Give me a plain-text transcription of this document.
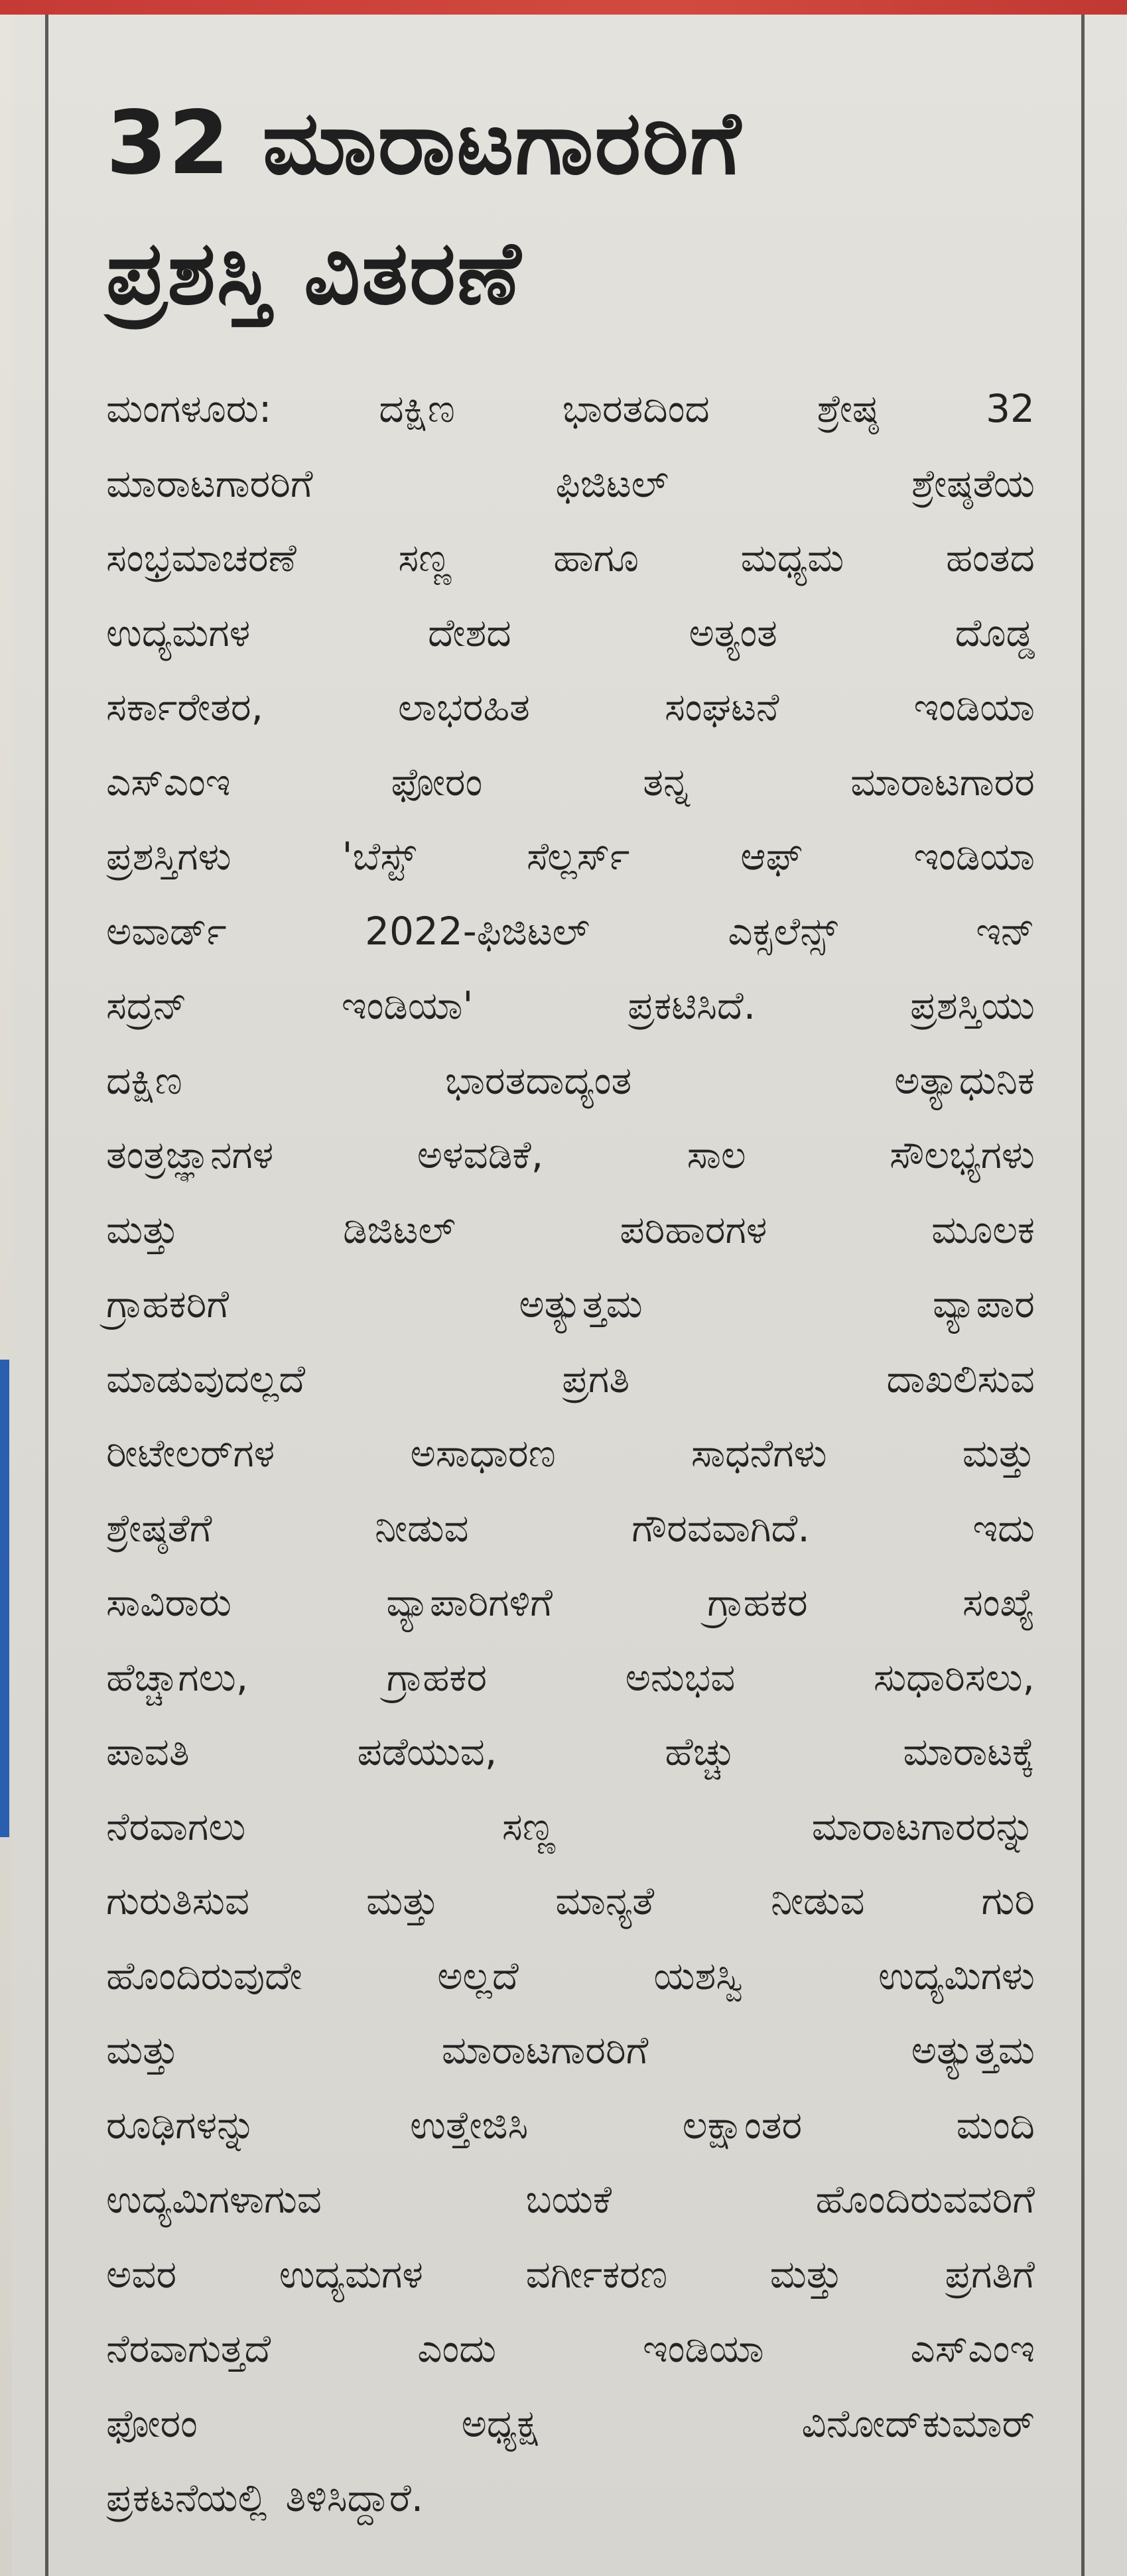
32 ಮಾರಾಟಗಾರರಿಗೆ
ಪ್ರಶಸ್ತಿ ವಿತರಣೆ
ಮಂಗಳೂರು:	ದಕ್ಷಿಣ	ಭಾರತದಿಂದ	ಶ್ರೇಷ್ಠ	32
ಮಾರಾಟಗಾರರಿಗೆ	ಫಿಜಿಟಲ್	ಶ್ರೇಷ್ಠತೆಯ
ಸಂಭ್ರಮಾಚರಣೆ	ಸಣ್ಣ	ಹಾಗೂ	ಮಧ್ಯಮ	ಹಂತದ
ಉದ್ಯಮಗಳ	ದೇಶದ	ಅತ್ಯಂತ	ದೊಡ್ಡ
ಸರ್ಕಾರೇತರ,	ಲಾಭರಹಿತ	ಸಂಘಟನೆ	ಇಂಡಿಯಾ
ಎಸ್‌ಎಂಇ	ಫೋರಂ	ತನ್ನ	ಮಾರಾಟಗಾರರ
ಪ್ರಶಸ್ತಿಗಳು	'ಬೆಸ್ಟ್	ಸೆಲ್ಲರ್ಸ್	ಆಫ್	ಇಂಡಿಯಾ
ಅವಾರ್ಡ್	2022-ಫಿಜಿಟಲ್	ಎಕ್ಸಲೆನ್ಸ್	ಇನ್
ಸದ್ರನ್	ಇಂಡಿಯಾ'	ಪ್ರಕಟಿಸಿದೆ.	ಪ್ರಶಸ್ತಿಯು
ದಕ್ಷಿಣ	ಭಾರತದಾದ್ಯಂತ	ಅತ್ಯಾಧುನಿಕ
ತಂತ್ರಜ್ಞಾನಗಳ	ಅಳವಡಿಕೆ,	ಸಾಲ	ಸೌಲಭ್ಯಗಳು
ಮತ್ತು	ಡಿಜಿಟಲ್	ಪರಿಹಾರಗಳ	ಮೂಲಕ
ಗ್ರಾಹಕರಿಗೆ	ಅತ್ಯುತ್ತಮ	ವ್ಯಾಪಾರ
ಮಾಡುವುದಲ್ಲದೆ	ಪ್ರಗತಿ	ದಾಖಲಿಸುವ
ರೀಟೇಲರ್‌ಗಳ	ಅಸಾಧಾರಣ	ಸಾಧನೆಗಳು	ಮತ್ತು
ಶ್ರೇಷ್ಠತೆಗೆ	ನೀಡುವ	ಗೌರವವಾಗಿದೆ.	ಇದು
ಸಾವಿರಾರು	ವ್ಯಾಪಾರಿಗಳಿಗೆ	ಗ್ರಾಹಕರ	ಸಂಖ್ಯೆ
ಹೆಚ್ಚಾಗಲು,	ಗ್ರಾಹಕರ	ಅನುಭವ	ಸುಧಾರಿಸಲು,
ಪಾವತಿ	ಪಡೆಯುವ,	ಹೆಚ್ಚು	ಮಾರಾಟಕ್ಕೆ
ನೆರವಾಗಲು	ಸಣ್ಣ	ಮಾರಾಟಗಾರರನ್ನು
ಗುರುತಿಸುವ	ಮತ್ತು	ಮಾನ್ಯತೆ	ನೀಡುವ	ಗುರಿ
ಹೊಂದಿರುವುದೇ	ಅಲ್ಲದೆ	ಯಶಸ್ವಿ	ಉದ್ಯಮಿಗಳು
ಮತ್ತು	ಮಾರಾಟಗಾರರಿಗೆ	ಅತ್ಯುತ್ತಮ
ರೂಢಿಗಳನ್ನು	ಉತ್ತೇಜಿಸಿ	ಲಕ್ಷಾಂತರ	ಮಂದಿ
ಉದ್ಯಮಿಗಳಾಗುವ	ಬಯಕೆ	ಹೊಂದಿರುವವರಿಗೆ
ಅವರ	ಉದ್ಯಮಗಳ	ವರ್ಗೀಕರಣ	ಮತ್ತು	ಪ್ರಗತಿಗೆ
ನೆರವಾಗುತ್ತದೆ	ಎಂದು	ಇಂಡಿಯಾ	ಎಸ್‌ಎಂಇ
ಫೋರಂ	ಅಧ್ಯಕ್ಷ	ವಿನೋದ್‌ಕುಮಾರ್
ಪ್ರಕಟನೆಯಲ್ಲಿ ತಿಳಿಸಿದ್ದಾರೆ.
